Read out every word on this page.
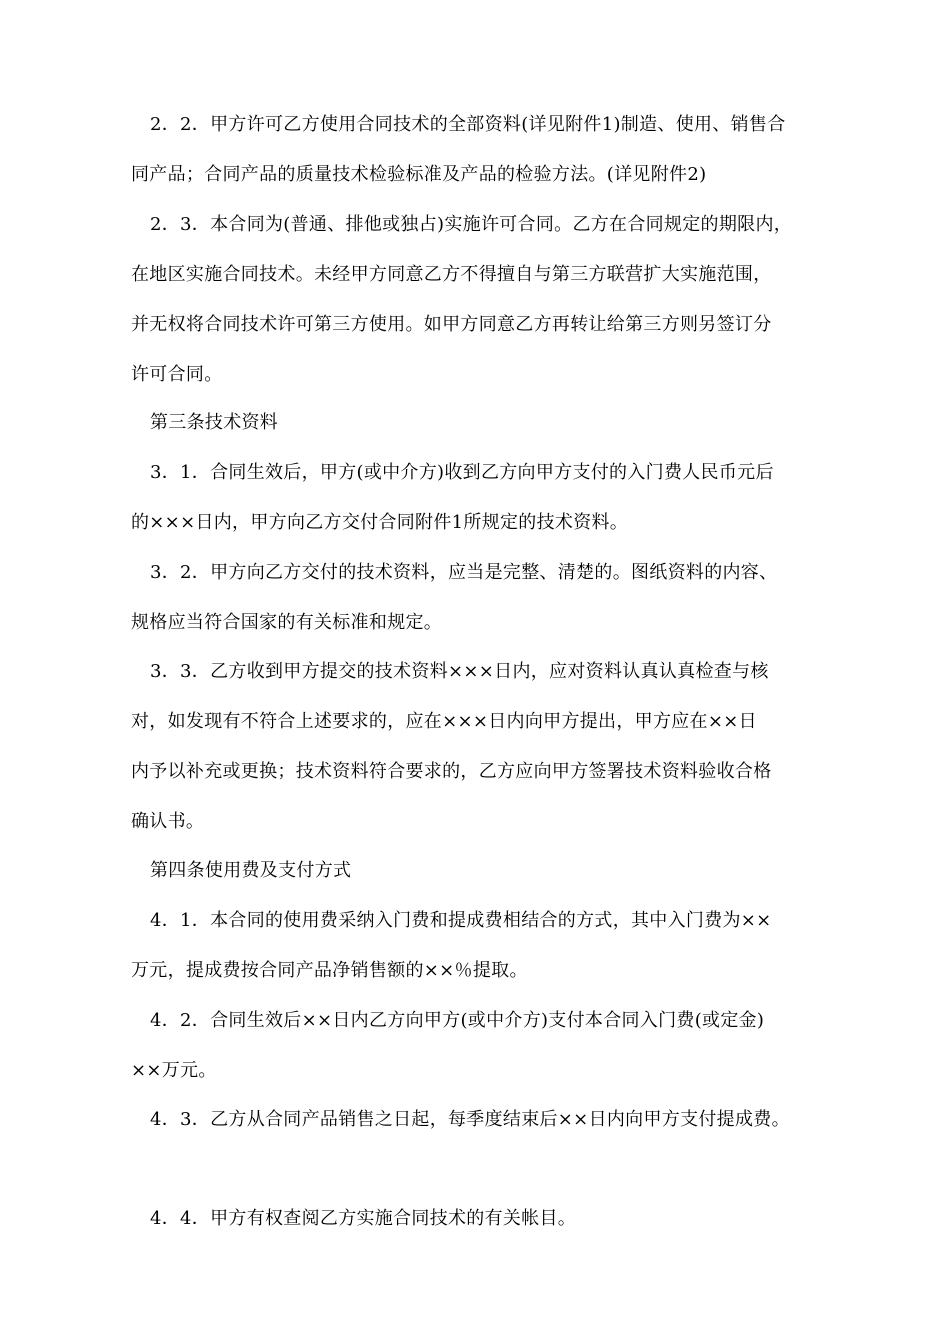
2．2．甲方许可乙方使用合同技术的全部资料(详见附件1)制造、使用、销售合
同产品；合同产品的质量技术检验标准及产品的检验方法。(详见附件2)
2．3．本合同为(普通、排他或独占)实施许可合同。乙方在合同规定的期限内，
在地区实施合同技术。未经甲方同意乙方不得擅自与第三方联营扩大实施范围，
并无权将合同技术许可第三方使用。如甲方同意乙方再转让给第三方则另签订分
许可合同。
第三条技术资料
3．1．合同生效后，甲方(或中介方)收到乙方向甲方支付的入门费人民币元后
的×××日内，甲方向乙方交付合同附件1所规定的技术资料。
3．2．甲方向乙方交付的技术资料，应当是完整、清楚的。图纸资料的内容、
规格应当符合国家的有关标准和规定。
3．3．乙方收到甲方提交的技术资料×××日内，应对资料认真认真检查与核
对，如发现有不符合上述要求的，应在×××日内向甲方提出，甲方应在××日
内予以补充或更换；技术资料符合要求的，乙方应向甲方签署技术资料验收合格
确认书。
第四条使用费及支付方式
4．1．本合同的使用费采纳入门费和提成费相结合的方式，其中入门费为××
万元，提成费按合同产品净销售额的××％提取。
4．2．合同生效后××日内乙方向甲方(或中介方)支付本合同入门费(或定金)
××万元。
4．3．乙方从合同产品销售之日起，每季度结束后××日内向甲方支付提成费。
4．4．甲方有权查阅乙方实施合同技术的有关帐目。
